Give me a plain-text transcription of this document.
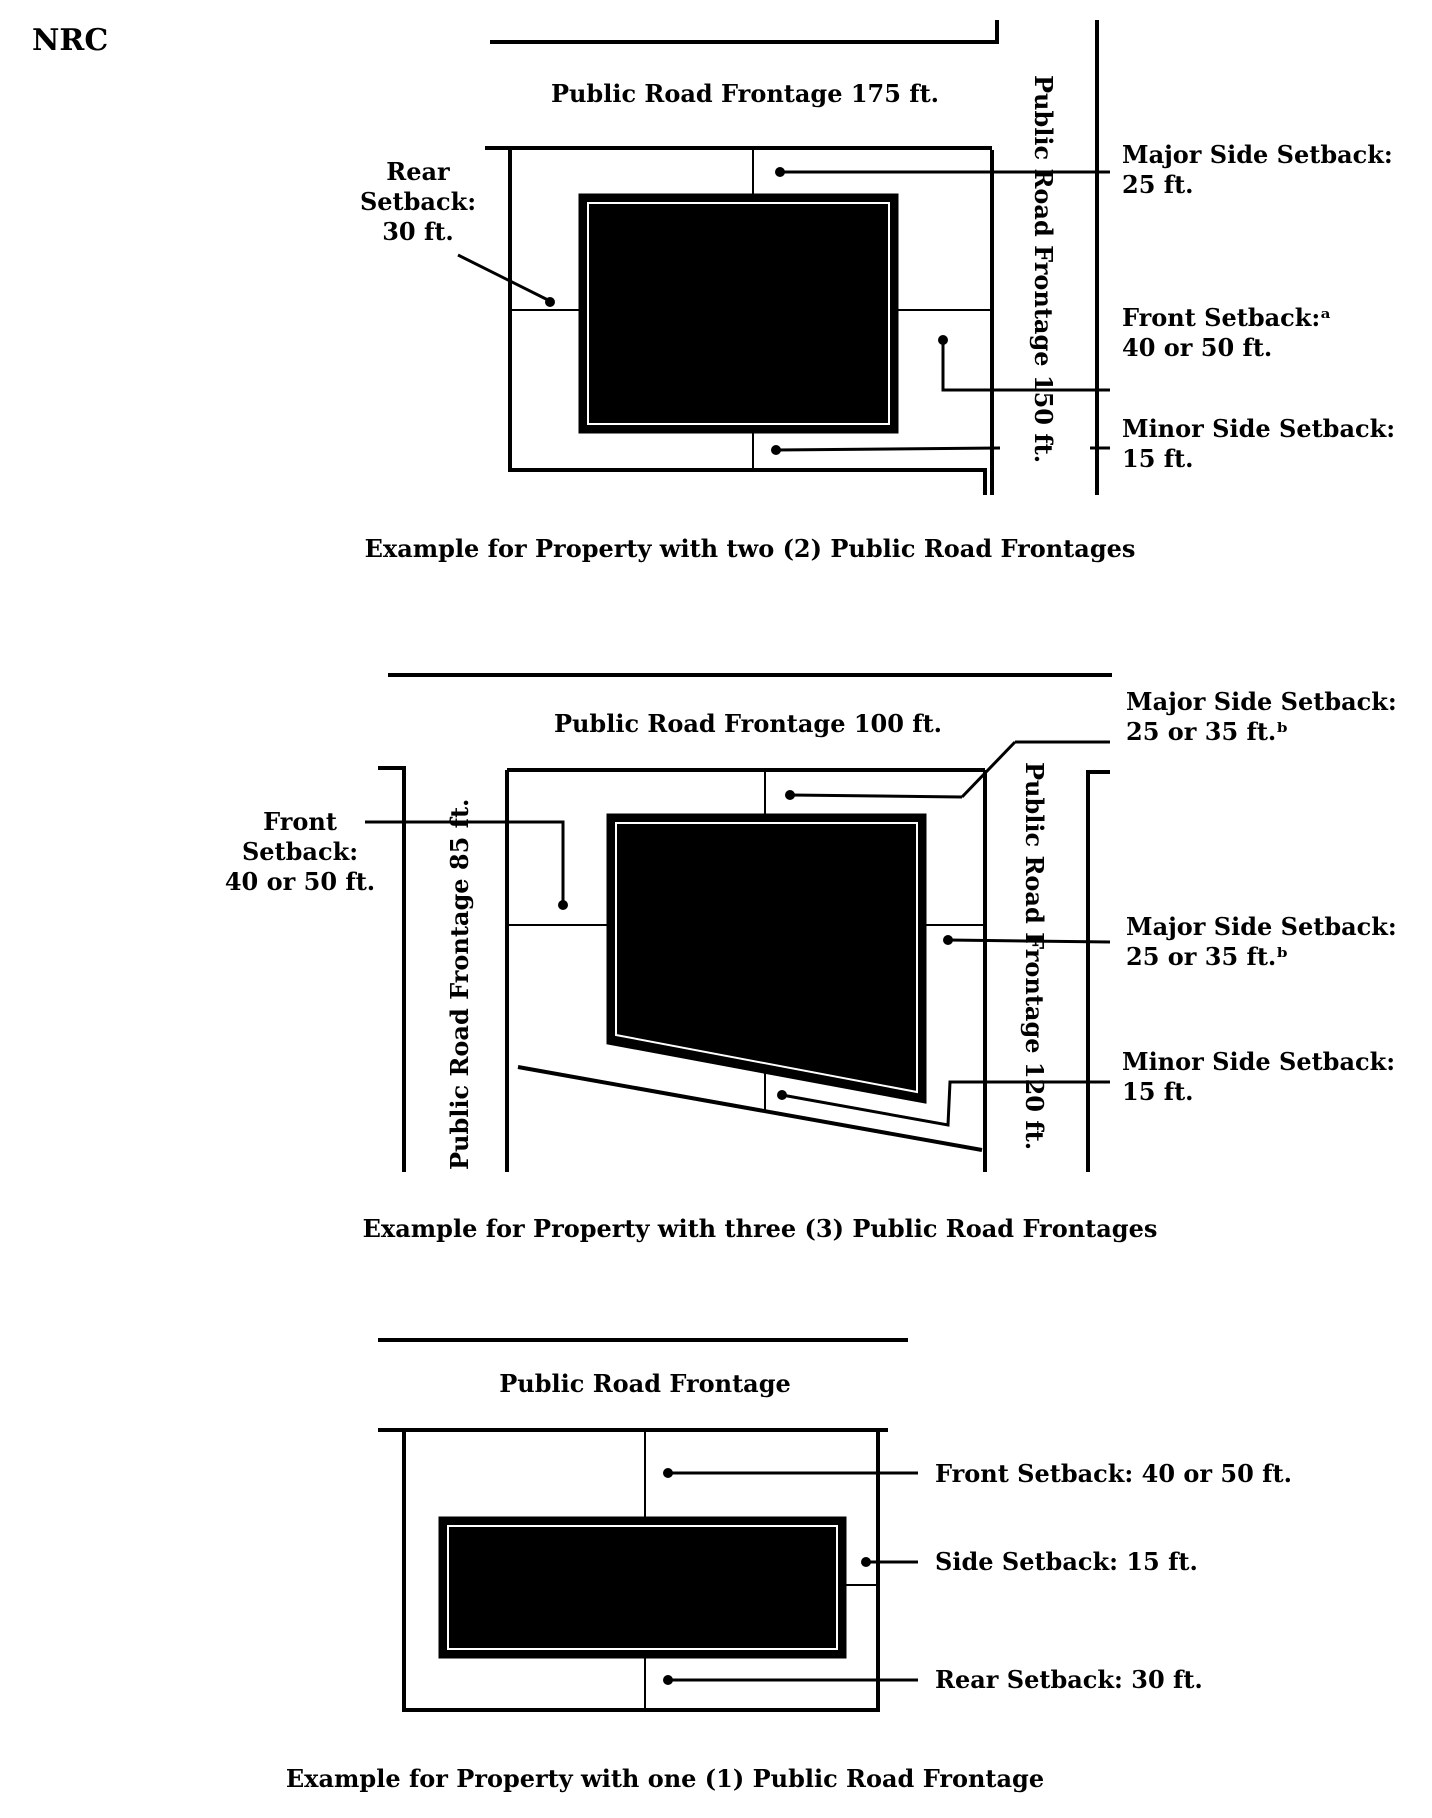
NRC
Public Road Frontage 175 ft.	Public Road Frontage 150 ft.
Rear
Setback:
30 ft.
Major Side Setback:
25 ft.
Front Setback:ᵃ
40 or 50 ft.
Minor Side Setback:
15 ft.
Example for Property with two (2) Public Road Frontages
Public Road Frontage 100 ft.
Public Road Frontage 85 ft.	Public Road Frontage 120 ft.
Front
Setback:
40 or 50 ft.
Major Side Setback:
25 or 35 ft.ᵇ
Major Side Setback:
25 or 35 ft.ᵇ
Minor Side Setback:
15 ft.
Example for Property with three (3) Public Road Frontages
Public Road Frontage
Front Setback: 40 or 50 ft.
Side Setback: 15 ft.
Rear Setback: 30 ft.
Example for Property with one (1) Public Road Frontage
